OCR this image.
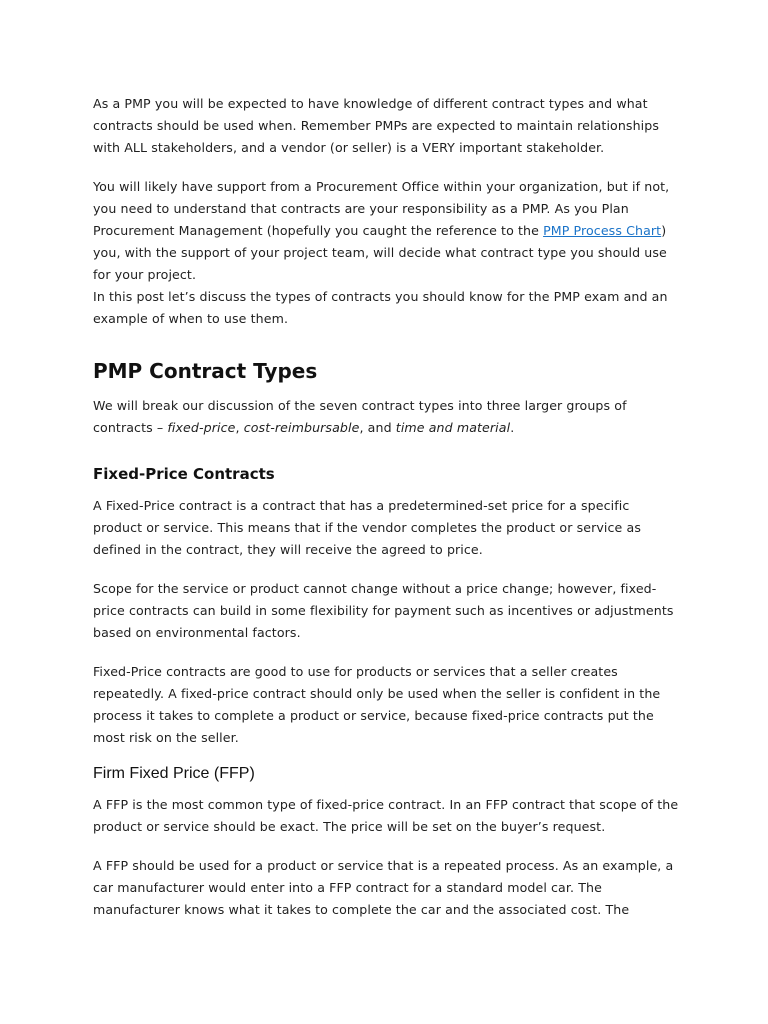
As a PMP you will be expected to have knowledge of different contract types and what contracts should be used when. Remember PMPs are expected to maintain relationships with ALL stakeholders, and a vendor (or seller) is a VERY important stakeholder.

You will likely have support from a Procurement Office within your organization, but if not, you need to understand that contracts are your responsibility as a PMP. As you Plan Procurement Management (hopefully you caught the reference to the PMP Process Chart) you, with the support of your project team, will decide what contract type you should use for your project.

In this post let’s discuss the types of contracts you should know for the PMP exam and an example of when to use them.

PMP Contract Types

We will break our discussion of the seven contract types into three larger groups of contracts – fixed-price, cost-reimbursable, and time and material.

Fixed-Price Contracts

A Fixed-Price contract is a contract that has a predetermined-set price for a specific product or service. This means that if the vendor completes the product or service as defined in the contract, they will receive the agreed to price.

Scope for the service or product cannot change without a price change; however, fixed-price contracts can build in some flexibility for payment such as incentives or adjustments based on environmental factors.

Fixed-Price contracts are good to use for products or services that a seller creates repeatedly. A fixed-price contract should only be used when the seller is confident in the process it takes to complete a product or service, because fixed-price contracts put the most risk on the seller.

Firm Fixed Price (FFP)

A FFP is the most common type of fixed-price contract. In an FFP contract that scope of the product or service should be exact. The price will be set on the buyer’s request.

A FFP should be used for a product or service that is a repeated process. As an example, a car manufacturer would enter into a FFP contract for a standard model car. The manufacturer knows what it takes to complete the car and the associated cost. The
